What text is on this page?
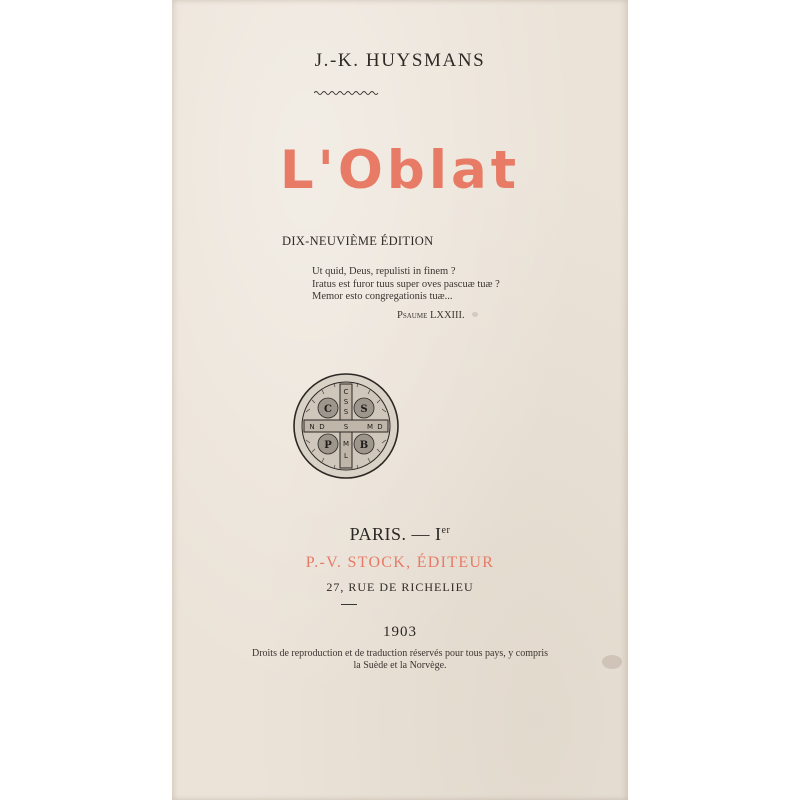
J.-K. HUYSMANS
L'Oblat
DIX-NEUVIÈME ÉDITION
Ut quid, Deus, repulisti in finem ?
Iratus est furor tuus super oves pascuæ tuæ ?
Memor esto congregationis tuæ...
Psaume LXXIII.
C	S
P	B
C
S
S
M
L
N D	S	M D
PARIS. — Ier
P.-V. STOCK, ÉDITEUR
27, RUE DE RICHELIEU
1903
Droits de reproduction et de traduction réservés pour tous pays, y compris
la Suède et la Norvège.
